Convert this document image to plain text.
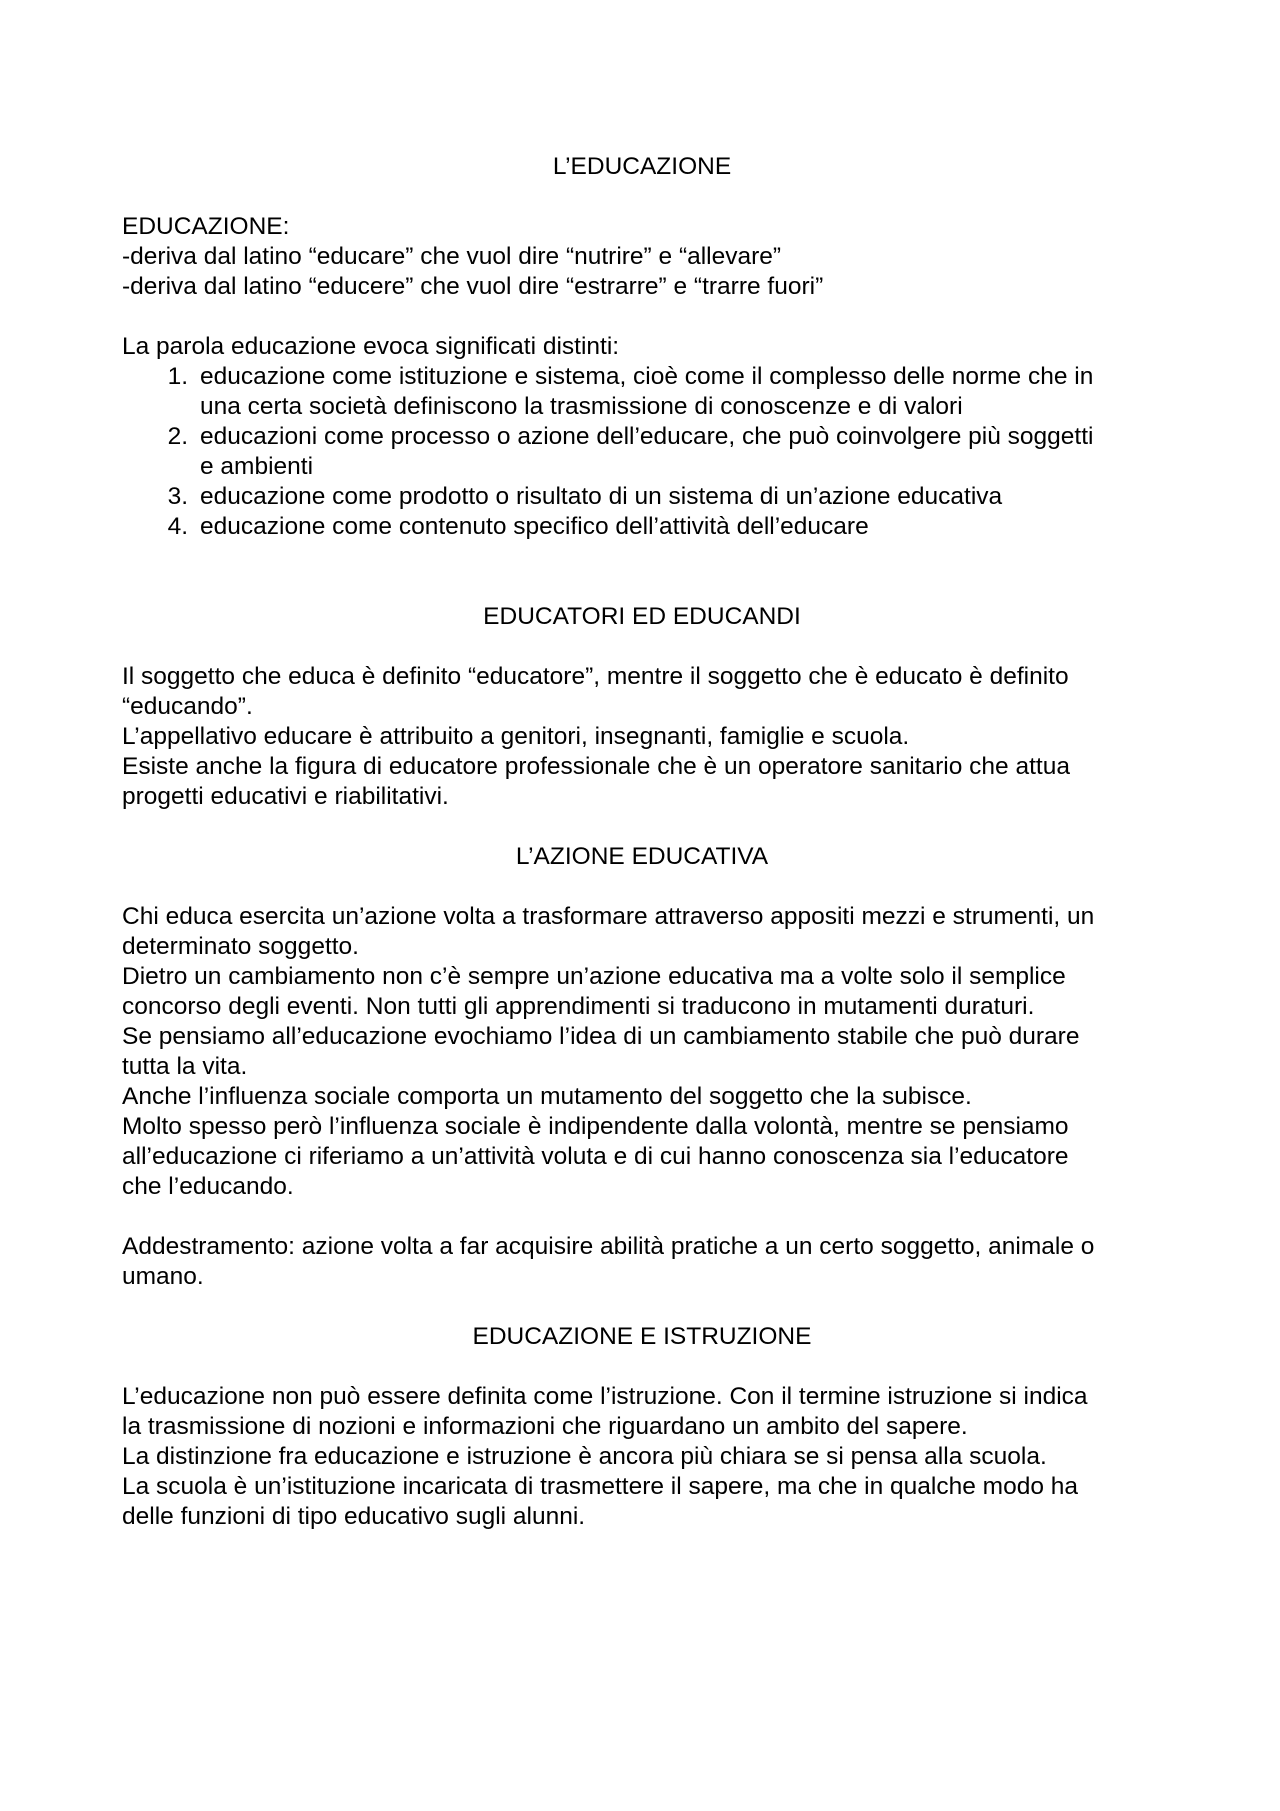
L’EDUCAZIONE

EDUCAZIONE:

-deriva dal latino “educare” che vuol dire “nutrire” e “allevare”

-deriva dal latino “educere” che vuol dire “estrarre” e “trarre fuori”

La parola educazione evoca significati distinti:

1. educazione come istituzione e sistema, cioè come il complesso delle norme che in
una certa società definiscono la trasmissione di conoscenze e di valori
2. educazioni come processo o azione dell’educare, che può coinvolgere più soggetti
e ambienti
3. educazione come prodotto o risultato di un sistema di un’azione educativa
4. educazione come contenuto specifico dell’attività dell’educare
EDUCATORI ED EDUCANDI

Il soggetto che educa è definito “educatore”, mentre il soggetto che è educato è definito

“educando”.

L’appellativo educare è attribuito a genitori, insegnanti, famiglie e scuola.

Esiste anche la figura di educatore professionale che è un operatore sanitario che attua

progetti educativi e riabilitativi.

L’AZIONE EDUCATIVA

Chi educa esercita un’azione volta a trasformare attraverso appositi mezzi e strumenti, un

determinato soggetto.

Dietro un cambiamento non c’è sempre un’azione educativa ma a volte solo il semplice

concorso degli eventi. Non tutti gli apprendimenti si traducono in mutamenti duraturi.

Se pensiamo all’educazione evochiamo l’idea di un cambiamento stabile che può durare

tutta la vita.

Anche l’influenza sociale comporta un mutamento del soggetto che la subisce.

Molto spesso però l’influenza sociale è indipendente dalla volontà, mentre se pensiamo

all’educazione ci riferiamo a un’attività voluta e di cui hanno conoscenza sia l’educatore

che l’educando.

Addestramento: azione volta a far acquisire abilità pratiche a un certo soggetto, animale o

umano.

EDUCAZIONE E ISTRUZIONE

L’educazione non può essere definita come l’istruzione. Con il termine istruzione si indica

la trasmissione di nozioni e informazioni che riguardano un ambito del sapere.

La distinzione fra educazione e istruzione è ancora più chiara se si pensa alla scuola.

La scuola è un’istituzione incaricata di trasmettere il sapere, ma che in qualche modo ha

delle funzioni di tipo educativo sugli alunni.
